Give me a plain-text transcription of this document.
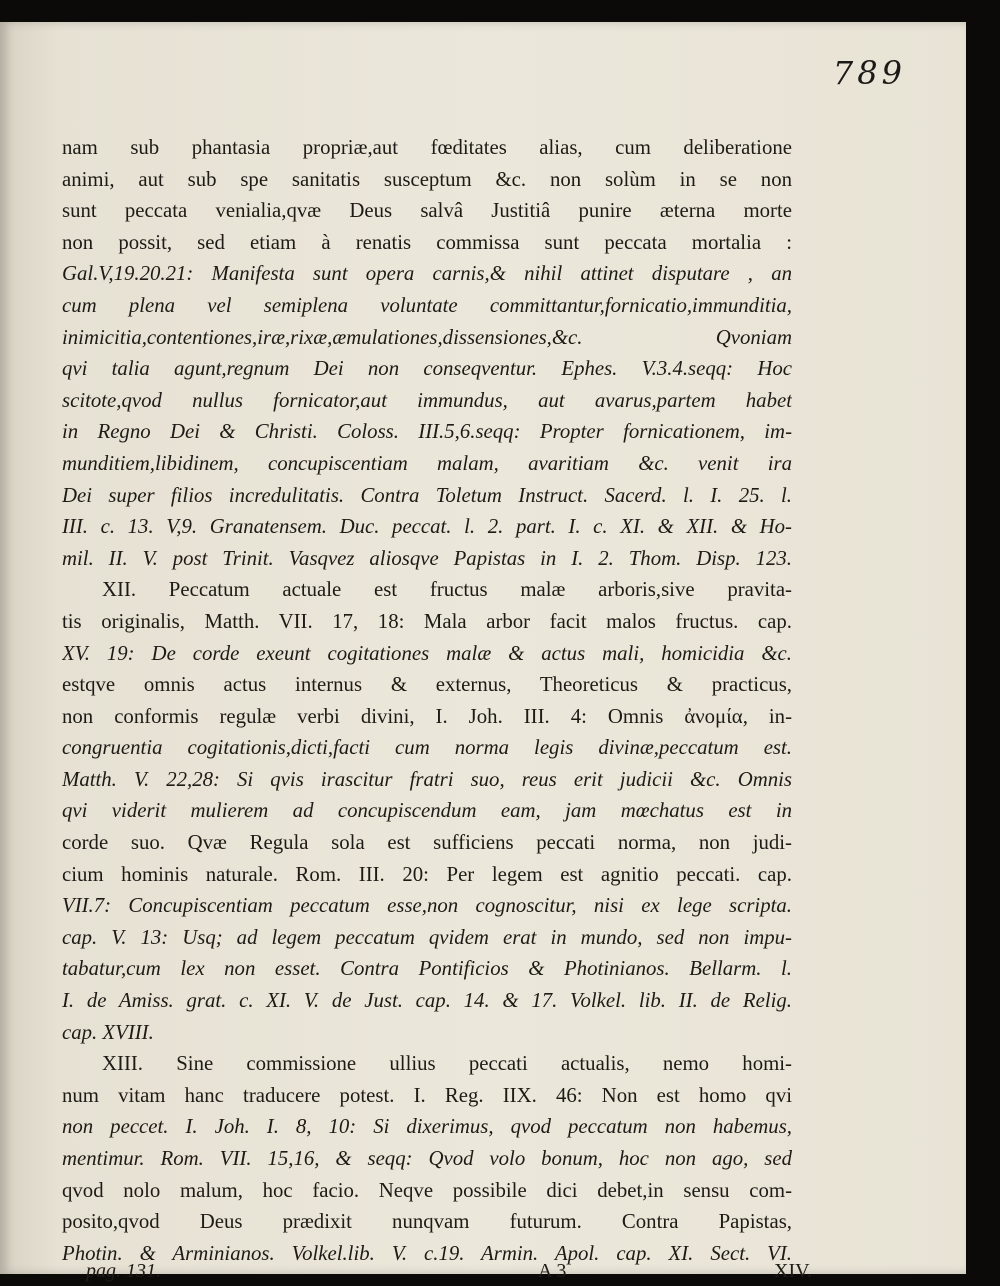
789
nam sub phantasia propriæ,aut fœditates alias, cum deliberatione
animi, aut sub spe sanitatis susceptum &c. non solùm in se non
sunt peccata venialia,qvæ Deus salvâ Justitiâ punire æterna morte
non possit, sed etiam à renatis commissa sunt peccata mortalia :
Gal.V,19.20.21: Manifesta sunt opera carnis,& nihil attinet disputare , an
cum plena vel semiplena voluntate committantur,fornicatio,immunditia,
inimicitia,contentiones,iræ,rixæ,æmulationes,dissensiones,&c. Qvoniam
qvi talia agunt,regnum Dei non conseqventur. Ephes. V.3.4.seqq: Hoc
scitote,qvod nullus fornicator,aut immundus, aut avarus,partem habet
in Regno Dei & Christi. Coloss. III.5,6.seqq: Propter fornicationem, im-
munditiem,libidinem, concupiscentiam malam, avaritiam &c. venit ira
Dei super filios incredulitatis. Contra Toletum Instruct. Sacerd. l. I. 25. l.
III. c. 13. V,9. Granatensem. Duc. peccat. l. 2. part. I. c. XI. & XII. & Ho-
mil. II. V. post Trinit. Vasqvez aliosqve Papistas in I. 2. Thom. Disp. 123.
XII. Peccatum actuale est fructus malæ arboris,sive pravita-
tis originalis, Matth. VII. 17, 18: Mala arbor facit malos fructus. cap.
XV. 19: De corde exeunt cogitationes malæ & actus mali, homicidia &c.
estqve omnis actus internus & externus, Theoreticus & practicus,
non conformis regulæ verbi divini, I. Joh. III. 4: Omnis ἀνομία, in-
congruentia cogitationis,dicti,facti cum norma legis divinæ,peccatum est.
Matth. V. 22,28: Si qvis irascitur fratri suo, reus erit judicii &c. Omnis
qvi viderit mulierem ad concupiscendum eam, jam mœchatus est in
corde suo. Qvæ Regula sola est sufficiens peccati norma, non judi-
cium hominis naturale. Rom. III. 20: Per legem est agnitio peccati. cap.
VII.7: Concupiscentiam peccatum esse,non cognoscitur, nisi ex lege scripta.
cap. V. 13: Usq; ad legem peccatum qvidem erat in mundo, sed non impu-
tabatur,cum lex non esset. Contra Pontificios & Photinianos. Bellarm. l.
I. de Amiss. grat. c. XI. V. de Just. cap. 14. & 17. Volkel. lib. II. de Relig.
cap. XVIII.
XIII. Sine commissione ullius peccati actualis, nemo homi-
num vitam hanc traducere potest. I. Reg. IIX. 46: Non est homo qvi
non peccet. I. Joh. I. 8, 10: Si dixerimus, qvod peccatum non habemus,
mentimur. Rom. VII. 15,16, & seqq: Qvod volo bonum, hoc non ago, sed
qvod nolo malum, hoc facio. Neqve possibile dici debet,in sensu com-
posito,qvod Deus prædixit nunqvam futurum. Contra Papistas,
Photin. & Arminianos. Volkel.lib. V. c.19. Armin. Apol. cap. XI. Sect. VI.
pag. 131.	A 3	XIV.
